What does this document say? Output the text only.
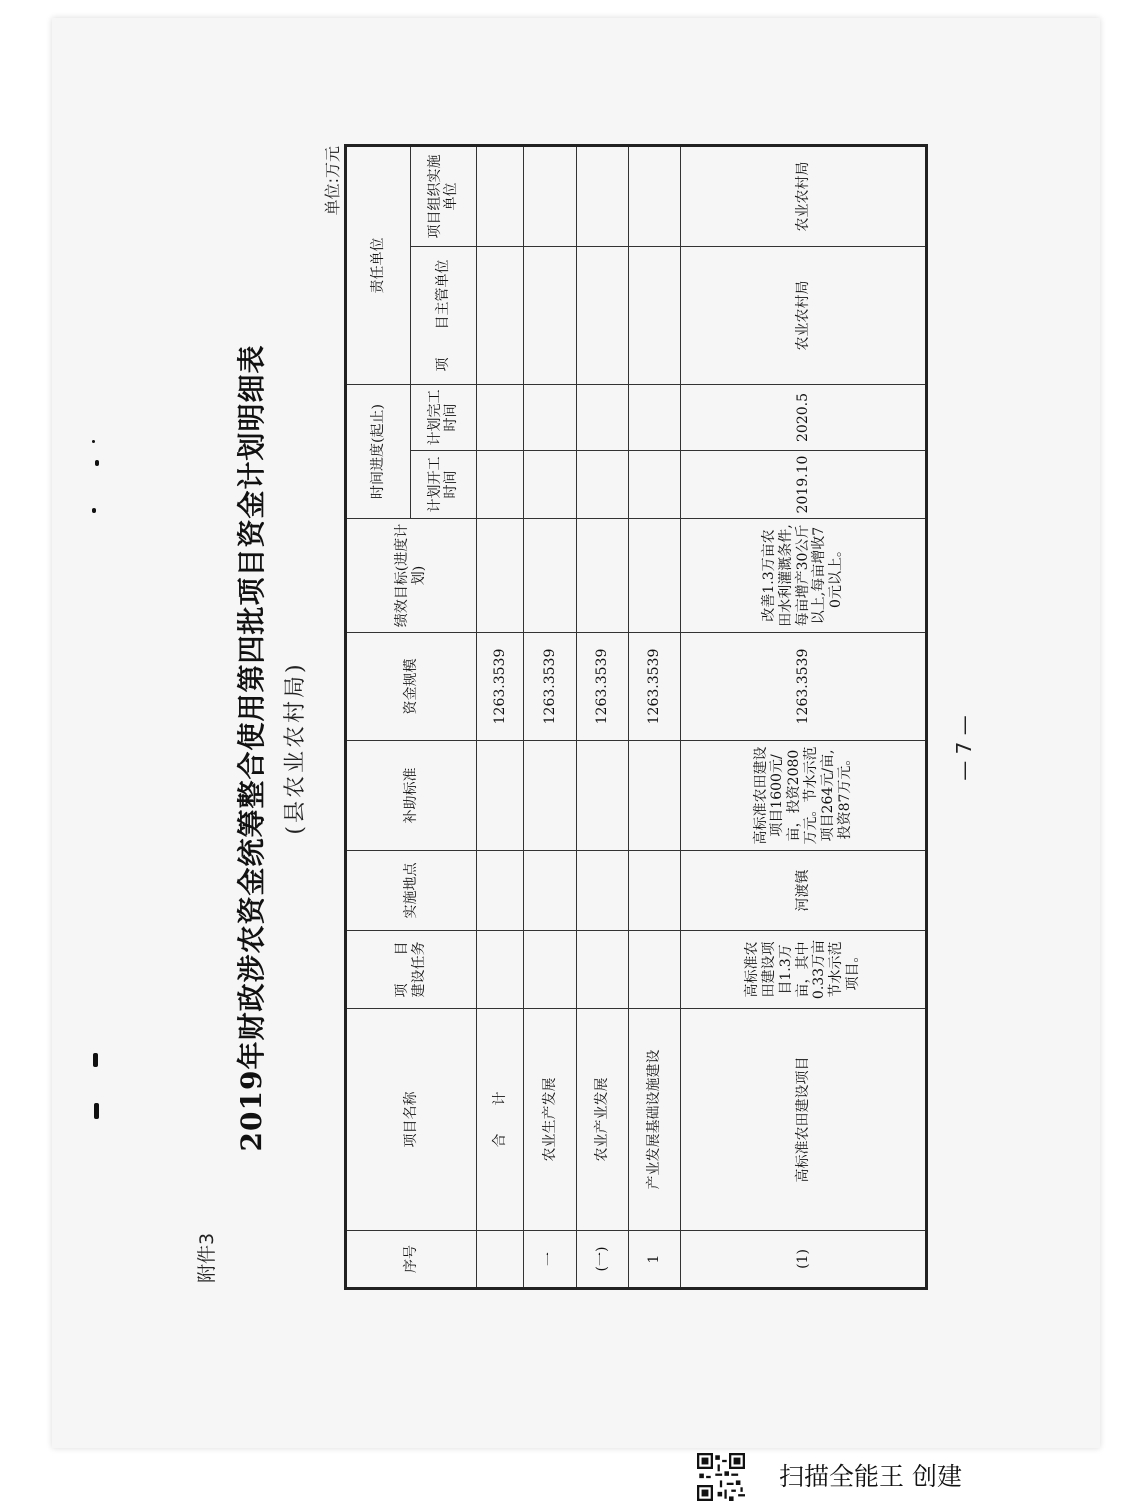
附件3
2019年财政涉农资金统筹整合使用第四批项目资金计划明细表 (县农业农村局)
单位:万元
序号	项目名称	项　　目建设任务	实施地点	补助标准	资金规模	绩效目标(进度计划)	时间进度(起止)		责任单位	
							计划开工时间	计划完工时间	项　　目主管单位	项目组织实施单位
	合　　计				1263.3539					
一	农业生产发展				1263.3539					
(一)	农业产业发展				1263.3539					
1	产业发展基础设施建设				1263.3539					
(1)	高标准农田建设项目	高标准农田建设项目1.3万亩，其中0.33万亩节水示范项目。	河渡镇	高标准农田建设项目1600元/亩，投资2080万元。节水示范项目264元/亩,投资87万元。	1263.3539	改善1.3万亩农田水利灌溉条件,每亩增产30公斤以上,每亩增收70元以上。	2019.10	2020.5	农业农村局	农业农村局
— 7 —
扫描全能王 创建
